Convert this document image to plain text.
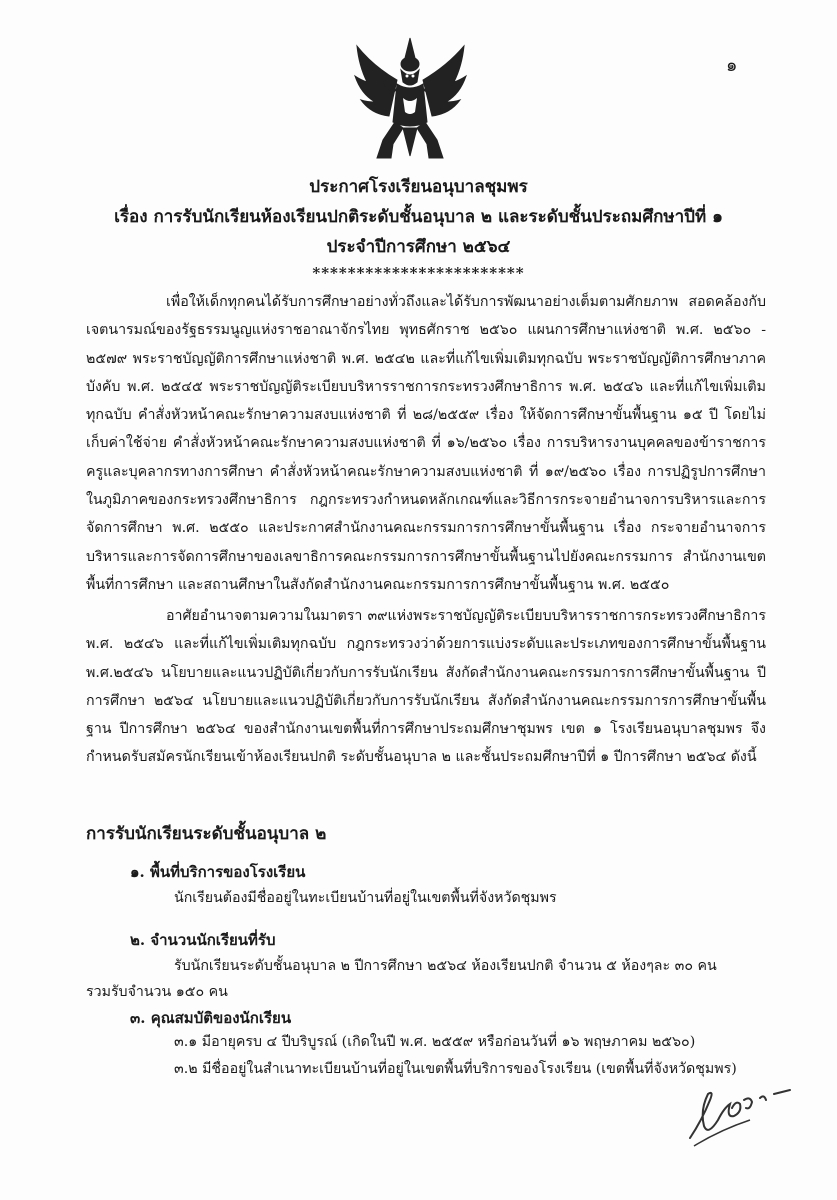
๑
ประกาศโรงเรียนอนุบาลชุมพร
เรื่อง การรับนักเรียนห้องเรียนปกติระดับชั้นอนุบาล ๒ และระดับชั้นประถมศึกษาปีที่ ๑
ประจำปีการศึกษา ๒๕๖๔
************************
เพื่อให้เด็กทุกคนได้รับการศึกษาอย่างทั่วถึงและได้รับการพัฒนาอย่างเต็มตามศักยภาพ สอดคล้องกับเจตนารมณ์ของรัฐธรรมนูญแห่งราชอาณาจักรไทย พุทธศักราช ๒๕๖๐ แผนการศึกษาแห่งชาติ พ.ศ. ๒๕๖๐ - ๒๕๗๙ พระราชบัญญัติการศึกษาแห่งชาติ พ.ศ. ๒๕๔๒ และที่แก้ไขเพิ่มเติมทุกฉบับ พระราชบัญญัติการศึกษาภาคบังคับ พ.ศ. ๒๕๔๕ พระราชบัญญัติระเบียบบริหารราชการกระทรวงศึกษาธิการ พ.ศ. ๒๕๔๖ และที่แก้ไขเพิ่มเติมทุกฉบับ คำสั่งหัวหน้าคณะรักษาความสงบแห่งชาติ ที่ ๒๘/๒๕๕๙ เรื่อง ให้จัดการศึกษาขั้นพื้นฐาน ๑๕ ปี โดยไม่เก็บค่าใช้จ่าย คำสั่งหัวหน้าคณะรักษาความสงบแห่งชาติ ที่ ๑๖/๒๕๖๐ เรื่อง การบริหารงานบุคคลของข้าราชการครูและบุคลากรทางการศึกษา คำสั่งหัวหน้าคณะรักษาความสงบแห่งชาติ ที่ ๑๙/๒๕๖๐ เรื่อง การปฏิรูปการศึกษาในภูมิภาคของกระทรวงศึกษาธิการ กฎกระทรวงกำหนดหลักเกณฑ์และวิธีการกระจายอำนาจการบริหารและการจัดการศึกษา พ.ศ. ๒๕๕๐ และประกาศสำนักงานคณะกรรมการการศึกษาขั้นพื้นฐาน เรื่อง กระจายอำนาจการบริหารและการจัดการศึกษาของเลขาธิการคณะกรรมการการศึกษาขั้นพื้นฐานไปยังคณะกรรมการ สำนักงานเขตพื้นที่การศึกษา และสถานศึกษาในสังกัดสำนักงานคณะกรรมการการศึกษาขั้นพื้นฐาน พ.ศ. ๒๕๕๐
อาศัยอำนาจตามความในมาตรา ๓๙แห่งพระราชบัญญัติระเบียบบริหารราชการกระทรวงศึกษาธิการ พ.ศ. ๒๕๔๖ และที่แก้ไขเพิ่มเติมทุกฉบับ กฎกระทรวงว่าด้วยการแบ่งระดับและประเภทของการศึกษาขั้นพื้นฐาน พ.ศ.๒๕๔๖ นโยบายและแนวปฏิบัติเกี่ยวกับการรับนักเรียน สังกัดสำนักงานคณะกรรมการการศึกษาขั้นพื้นฐาน ปีการศึกษา ๒๕๖๔ นโยบายและแนวปฏิบัติเกี่ยวกับการรับนักเรียน สังกัดสำนักงานคณะกรรมการการศึกษาขั้นพื้นฐาน ปีการศึกษา ๒๕๖๔ ของสำนักงานเขตพื้นที่การศึกษาประถมศึกษาชุมพร เขต ๑ โรงเรียนอนุบาลชุมพร จึงกำหนดรับสมัครนักเรียนเข้าห้องเรียนปกติ ระดับชั้นอนุบาล ๒ และชั้นประถมศึกษาปีที่ ๑ ปีการศึกษา ๒๕๖๔ ดังนี้
การรับนักเรียนระดับชั้นอนุบาล ๒
๑. พื้นที่บริการของโรงเรียน
นักเรียนต้องมีชื่ออยู่ในทะเบียนบ้านที่อยู่ในเขตพื้นที่จังหวัดชุมพร
๒. จำนวนนักเรียนที่รับ
รับนักเรียนระดับชั้นอนุบาล ๒ ปีการศึกษา ๒๕๖๔ ห้องเรียนปกติ จำนวน ๕ ห้องๆละ ๓๐ คน
รวมรับจำนวน ๑๕๐ คน
๓. คุณสมบัติของนักเรียน
๓.๑ มีอายุครบ ๔ ปีบริบูรณ์ (เกิดในปี พ.ศ. ๒๕๕๙ หรือก่อนวันที่ ๑๖ พฤษภาคม ๒๕๖๐)
๓.๒ มีชื่ออยู่ในสำเนาทะเบียนบ้านที่อยู่ในเขตพื้นที่บริการของโรงเรียน (เขตพื้นที่จังหวัดชุมพร)
